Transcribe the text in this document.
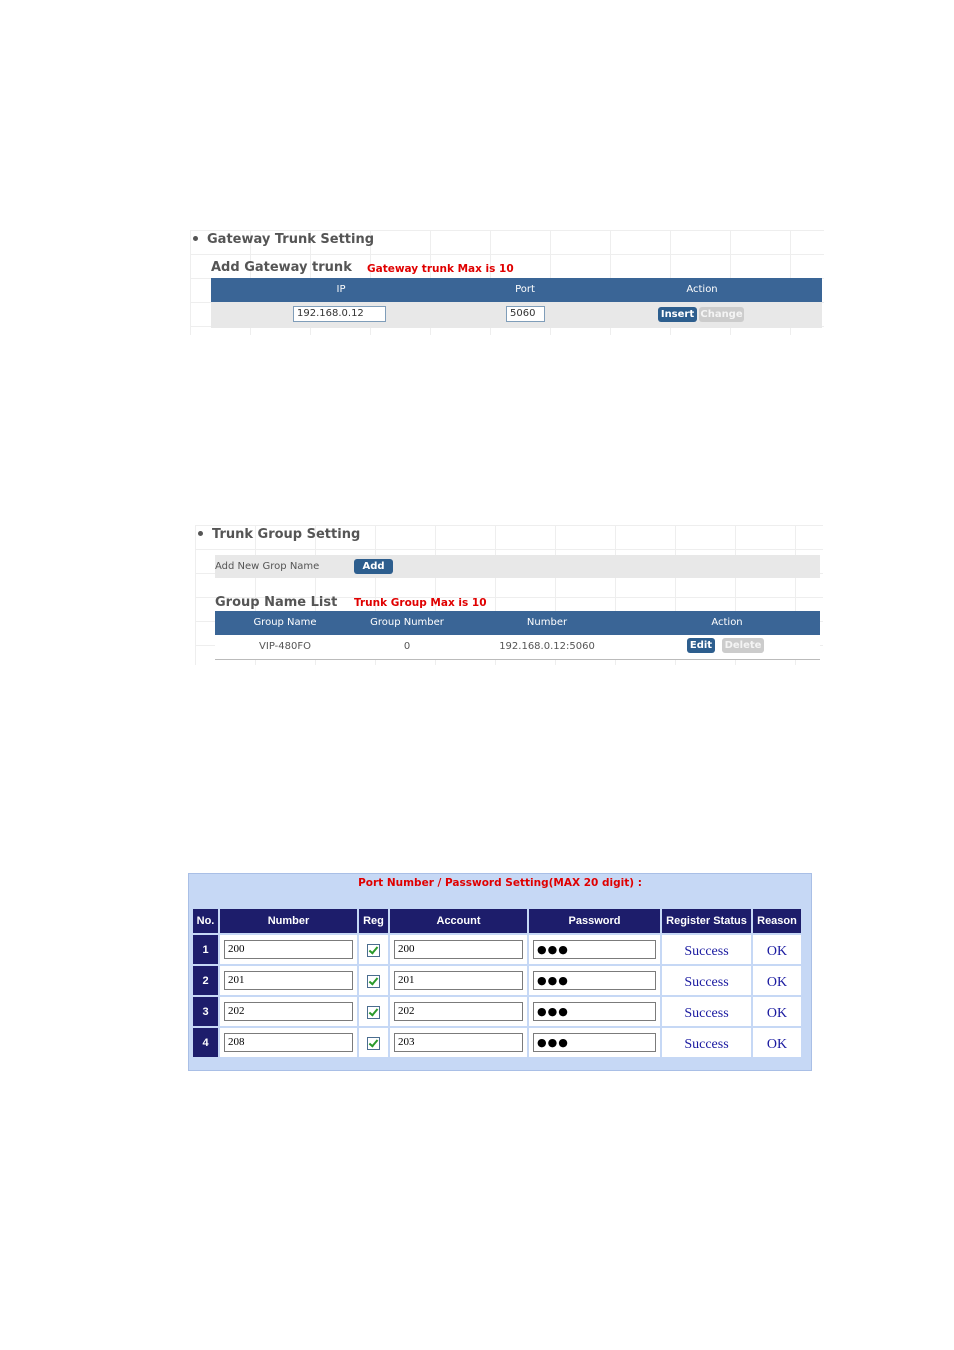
Gateway Trunk Setting
Add Gateway trunk Gateway trunk Max is 10
IP	Port	Action
192.168.0.12	5060	Insert Change
Trunk Group Setting
Add New Grop Name	Add
Group Name List Trunk Group Max is 10
Group Name	Group Number	Number	Action
VIP-480FO	0	192.168.0.12:5060	Edit Delete
Port Number / Password Setting(MAX 20 digit) :
No.	Number	Reg	Account	Password	Register Status	Reason
1	200		200	●●●	Success	OK
2	201		201	●●●	Success	OK
3	202		202	●●●	Success	OK
4	208		203	●●●	Success	OK
